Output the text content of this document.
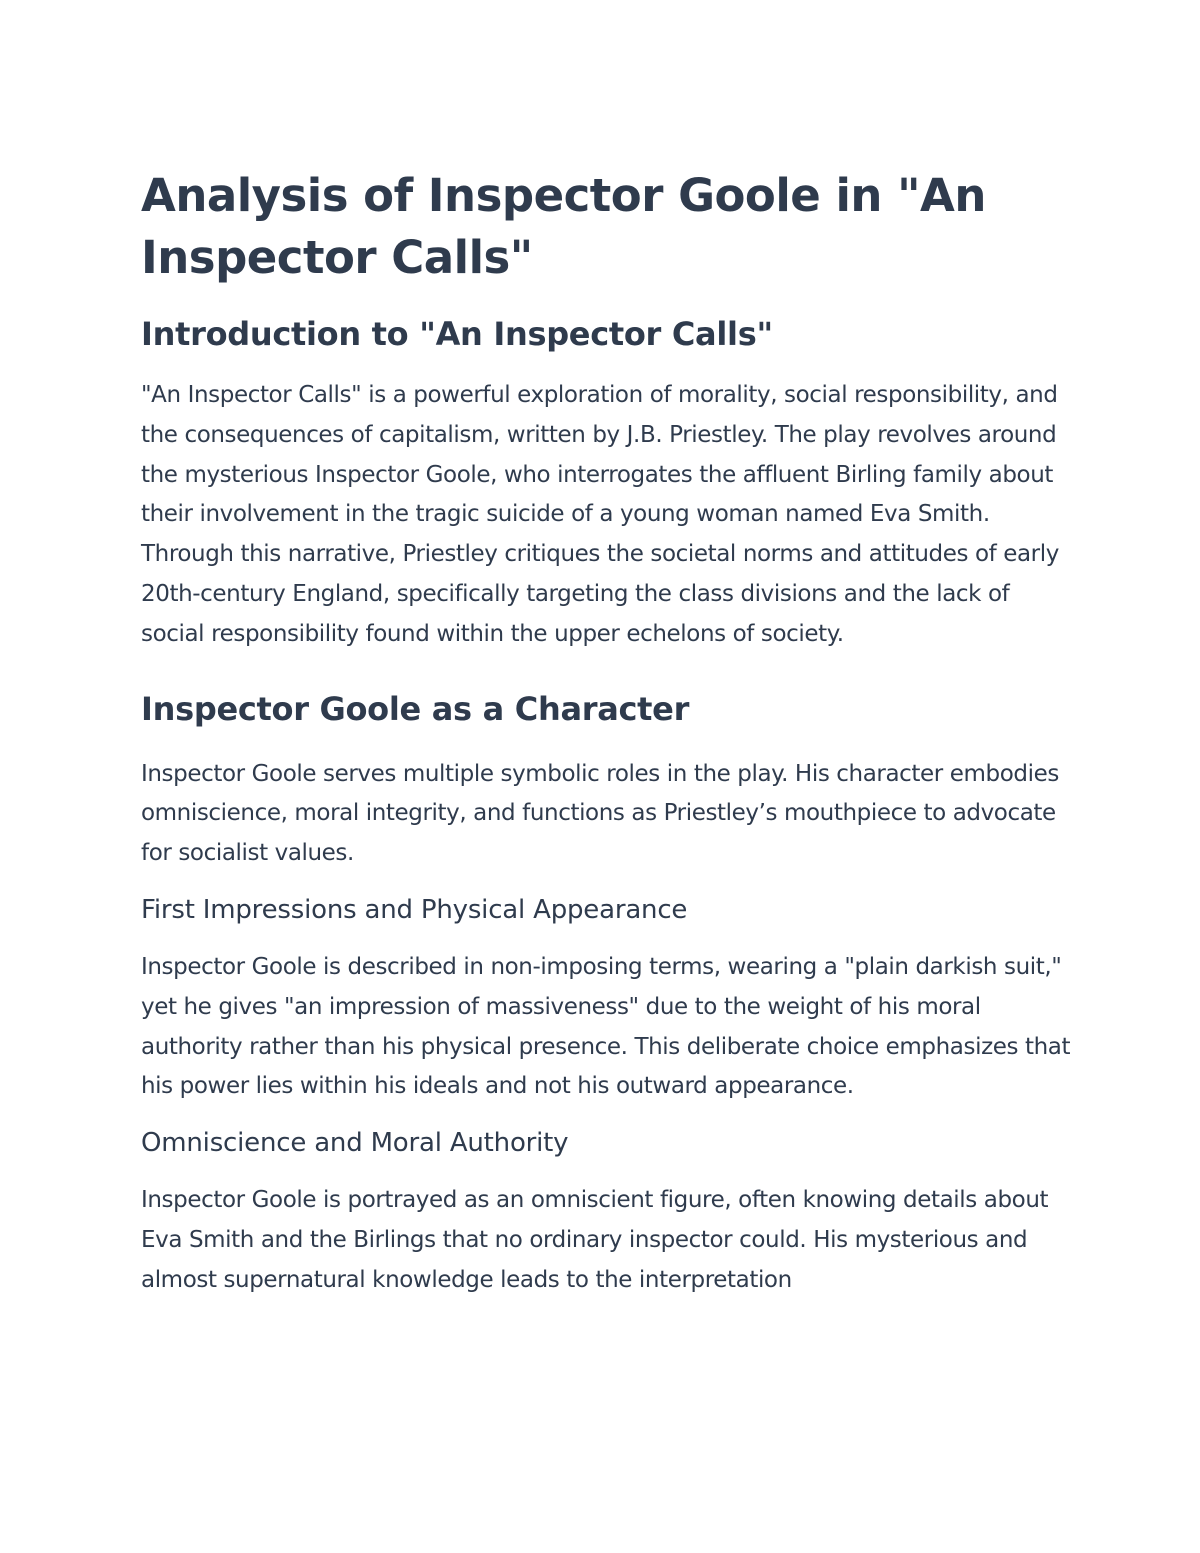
Analysis of Inspector Goole in "An Inspector Calls"
Introduction to "An Inspector Calls"

"An Inspector Calls" is a powerful exploration of morality, social responsibility, and the consequences of capitalism, written by J.B. Priestley. The play revolves around the mysterious Inspector Goole, who interrogates the affluent Birling family about their involvement in the tragic suicide of a young woman named Eva Smith. Through this narrative, Priestley critiques the societal norms and attitudes of early 20th-century England, specifically targeting the class divisions and the lack of social responsibility found within the upper echelons of society.

Inspector Goole as a Character

Inspector Goole serves multiple symbolic roles in the play. His character embodies omniscience, moral integrity, and functions as Priestley’s mouthpiece to advocate for socialist values.

First Impressions and Physical Appearance

Inspector Goole is described in non-imposing terms, wearing a "plain darkish suit," yet he gives "an impression of massiveness" due to the weight of his moral authority rather than his physical presence. This deliberate choice emphasizes that his power lies within his ideals and not his outward appearance.

Omniscience and Moral Authority

Inspector Goole is portrayed as an omniscient figure, often knowing details about Eva Smith and the Birlings that no ordinary inspector could. His mysterious and almost supernatural knowledge leads to the interpretation
